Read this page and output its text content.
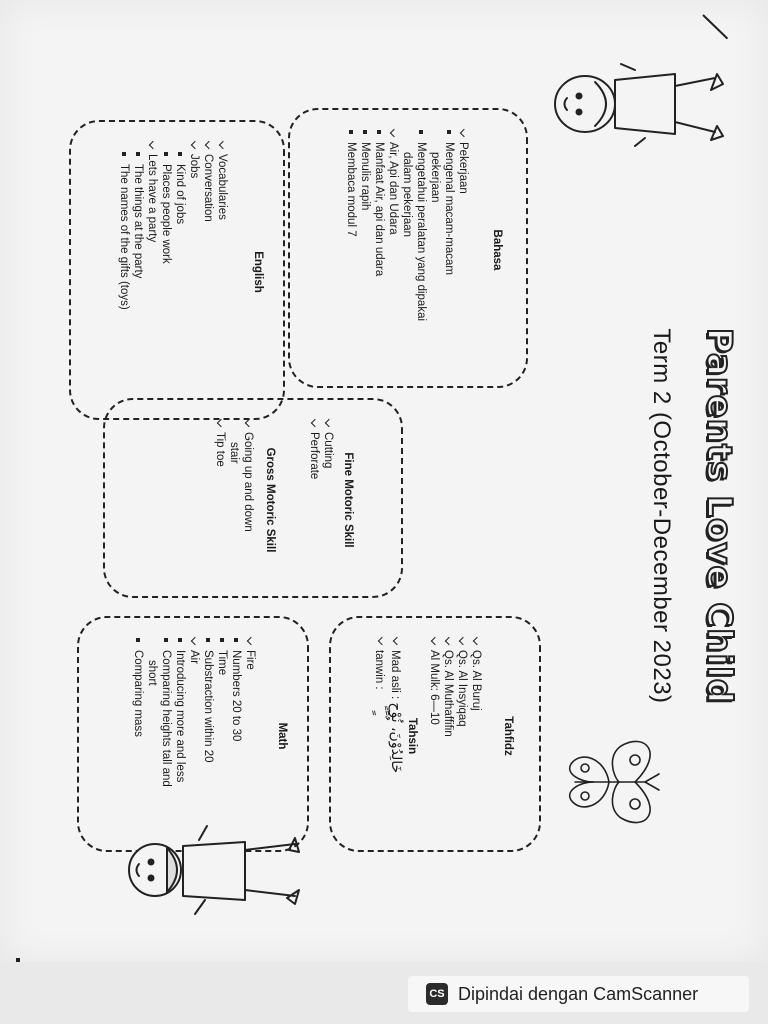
Parents Love Child
Term 2 (October-December 2023)
Bahasa
Pekerjaan
Mengenal macam-macam
pekerjaan
Mengetahui peralatan yang dipakai
dalam pekerjaan
Air, Api dan Udara
Manfaat Air, api dan udara
Menulis rapih
Membaca modul 7
English
Vocabularies
Conversation
Jobs
Kind of jobs
Places people work
Lets have a party
The things at the party
The names of the gifts (toys)
Fine Motoric Skill
Cutting
Perforate
Gross Motoric Skill
Going up and down
stair
Tip toe
Tahfidz
Qs. Al Buruj
Qs. Al Insyiqaq
Qs. Al Muthaffifin
Al Mulk: 6—10
Tahsin
Mad asli : خَالِدُوْنَ، نُوْحٍ
tanwin : ً ٍ ٌ
Math
Fire
Numbers 20 to 30
Time
Substraction within 20
Air
Introducing more and less
Comparing heights tall and
short
Comparing mass
CS Dipindai dengan CamScanner
